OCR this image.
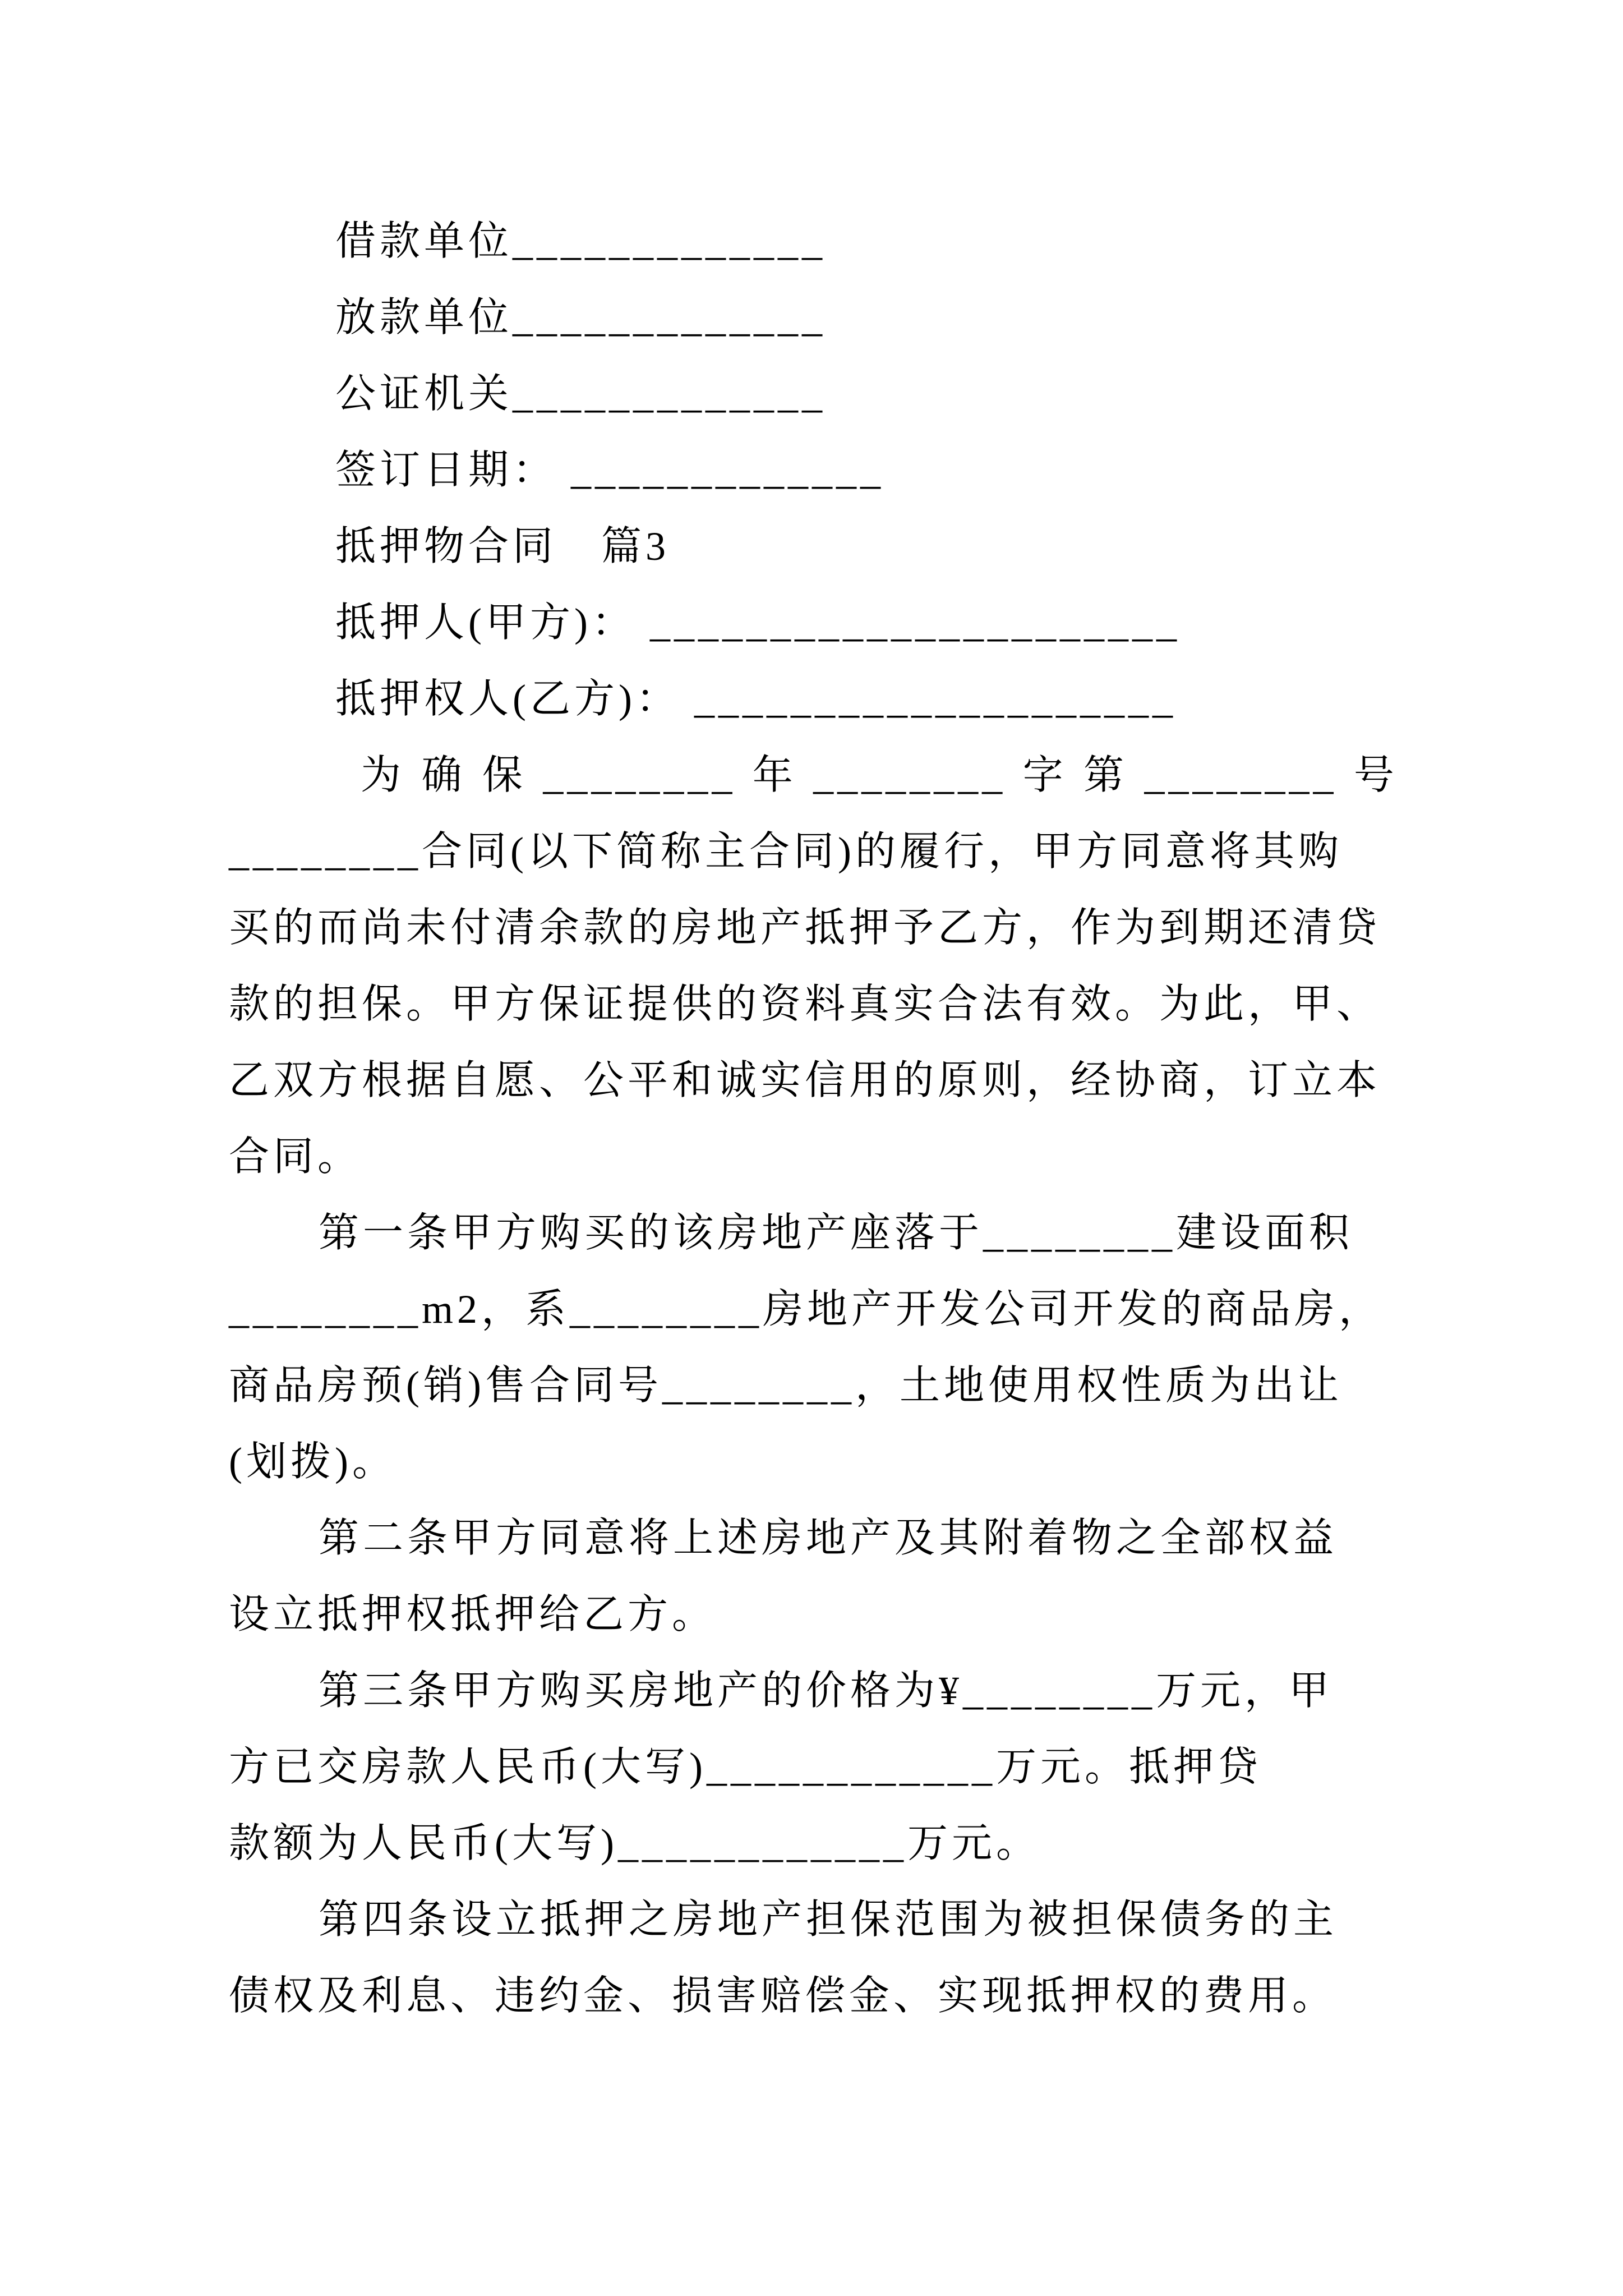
借款单位_____________
放款单位_____________
公证机关_____________
签订日期： _____________
抵押物合同　篇3
抵押人(甲方)： ______________________
抵押权人(乙方)： ____________________
为 确 保 ________ 年 ________ 字 第 ________ 号
________合同(以下简称主合同)的履行，甲方同意将其购
买的而尚未付清余款的房地产抵押予乙方，作为到期还清贷
款的担保。甲方保证提供的资料真实合法有效。为此，甲、
乙双方根据自愿、公平和诚实信用的原则，经协商，订立本
合同。
第一条甲方购买的该房地产座落于________建设面积
________m2，系________房地产开发公司开发的商品房，
商品房预(销)售合同号________，土地使用权性质为出让
(划拨)。
第二条甲方同意将上述房地产及其附着物之全部权益
设立抵押权抵押给乙方。
第三条甲方购买房地产的价格为¥________万元，甲
方已交房款人民币(大写)____________万元。抵押贷
款额为人民币(大写)____________万元。
第四条设立抵押之房地产担保范围为被担保债务的主
债权及利息、违约金、损害赔偿金、实现抵押权的费用。
